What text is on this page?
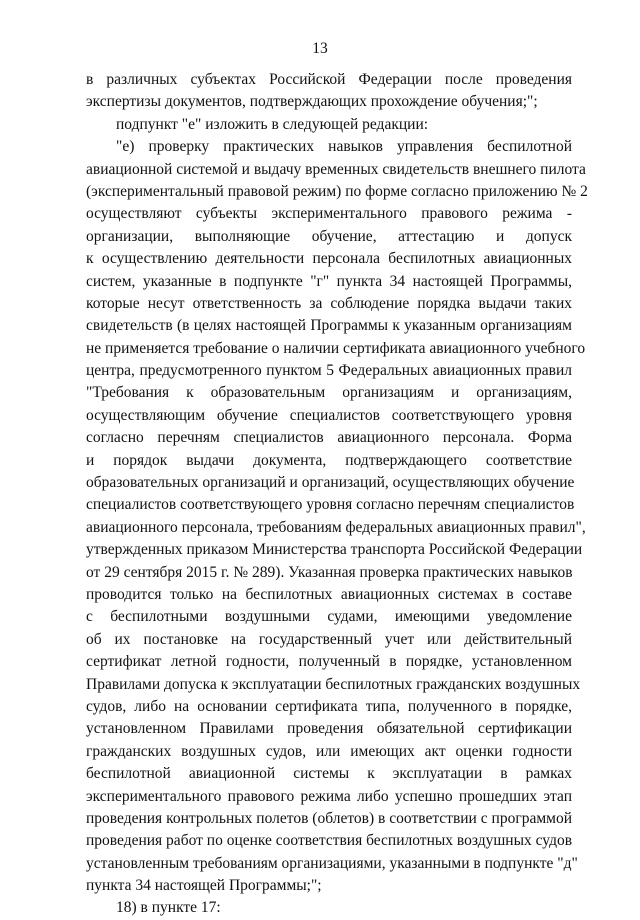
13
в различных субъектах Российской Федерации после проведения
экспертизы документов, подтверждающих прохождение обучения;";
подпункт "е" изложить в следующей редакции:
"е) проверку практических навыков управления беспилотной
авиационной системой и выдачу временных свидетельств внешнего пилота
(экспериментальный правовой режим) по форме согласно приложению № 2
осуществляют субъекты экспериментального правового режима -
организации, выполняющие обучение, аттестацию и допуск
к осуществлению деятельности персонала беспилотных авиационных
систем, указанные в подпункте "г" пункта 34 настоящей Программы,
которые несут ответственность за соблюдение порядка выдачи таких
свидетельств (в целях настоящей Программы к указанным организациям
не применяется требование о наличии сертификата авиационного учебного
центра, предусмотренного пунктом 5 Федеральных авиационных правил
"Требования к образовательным организациям и организациям,
осуществляющим обучение специалистов соответствующего уровня
согласно перечням специалистов авиационного персонала. Форма
и порядок выдачи документа, подтверждающего соответствие
образовательных организаций и организаций, осуществляющих обучение
специалистов соответствующего уровня согласно перечням специалистов
авиационного персонала, требованиям федеральных авиационных правил",
утвержденных приказом Министерства транспорта Российской Федерации
от 29 сентября 2015 г. № 289). Указанная проверка практических навыков
проводится только на беспилотных авиационных системах в составе
с беспилотными воздушными судами, имеющими уведомление
об их постановке на государственный учет или действительный
сертификат летной годности, полученный в порядке, установленном
Правилами допуска к эксплуатации беспилотных гражданских воздушных
судов, либо на основании сертификата типа, полученного в порядке,
установленном Правилами проведения обязательной сертификации
гражданских воздушных судов, или имеющих акт оценки годности
беспилотной авиационной системы к эксплуатации в рамках
экспериментального правового режима либо успешно прошедших этап
проведения контрольных полетов (облетов) в соответствии с программой
проведения работ по оценке соответствия беспилотных воздушных судов
установленным требованиям организациями, указанными в подпункте "д"
пункта 34 настоящей Программы;";
18) в пункте 17:
